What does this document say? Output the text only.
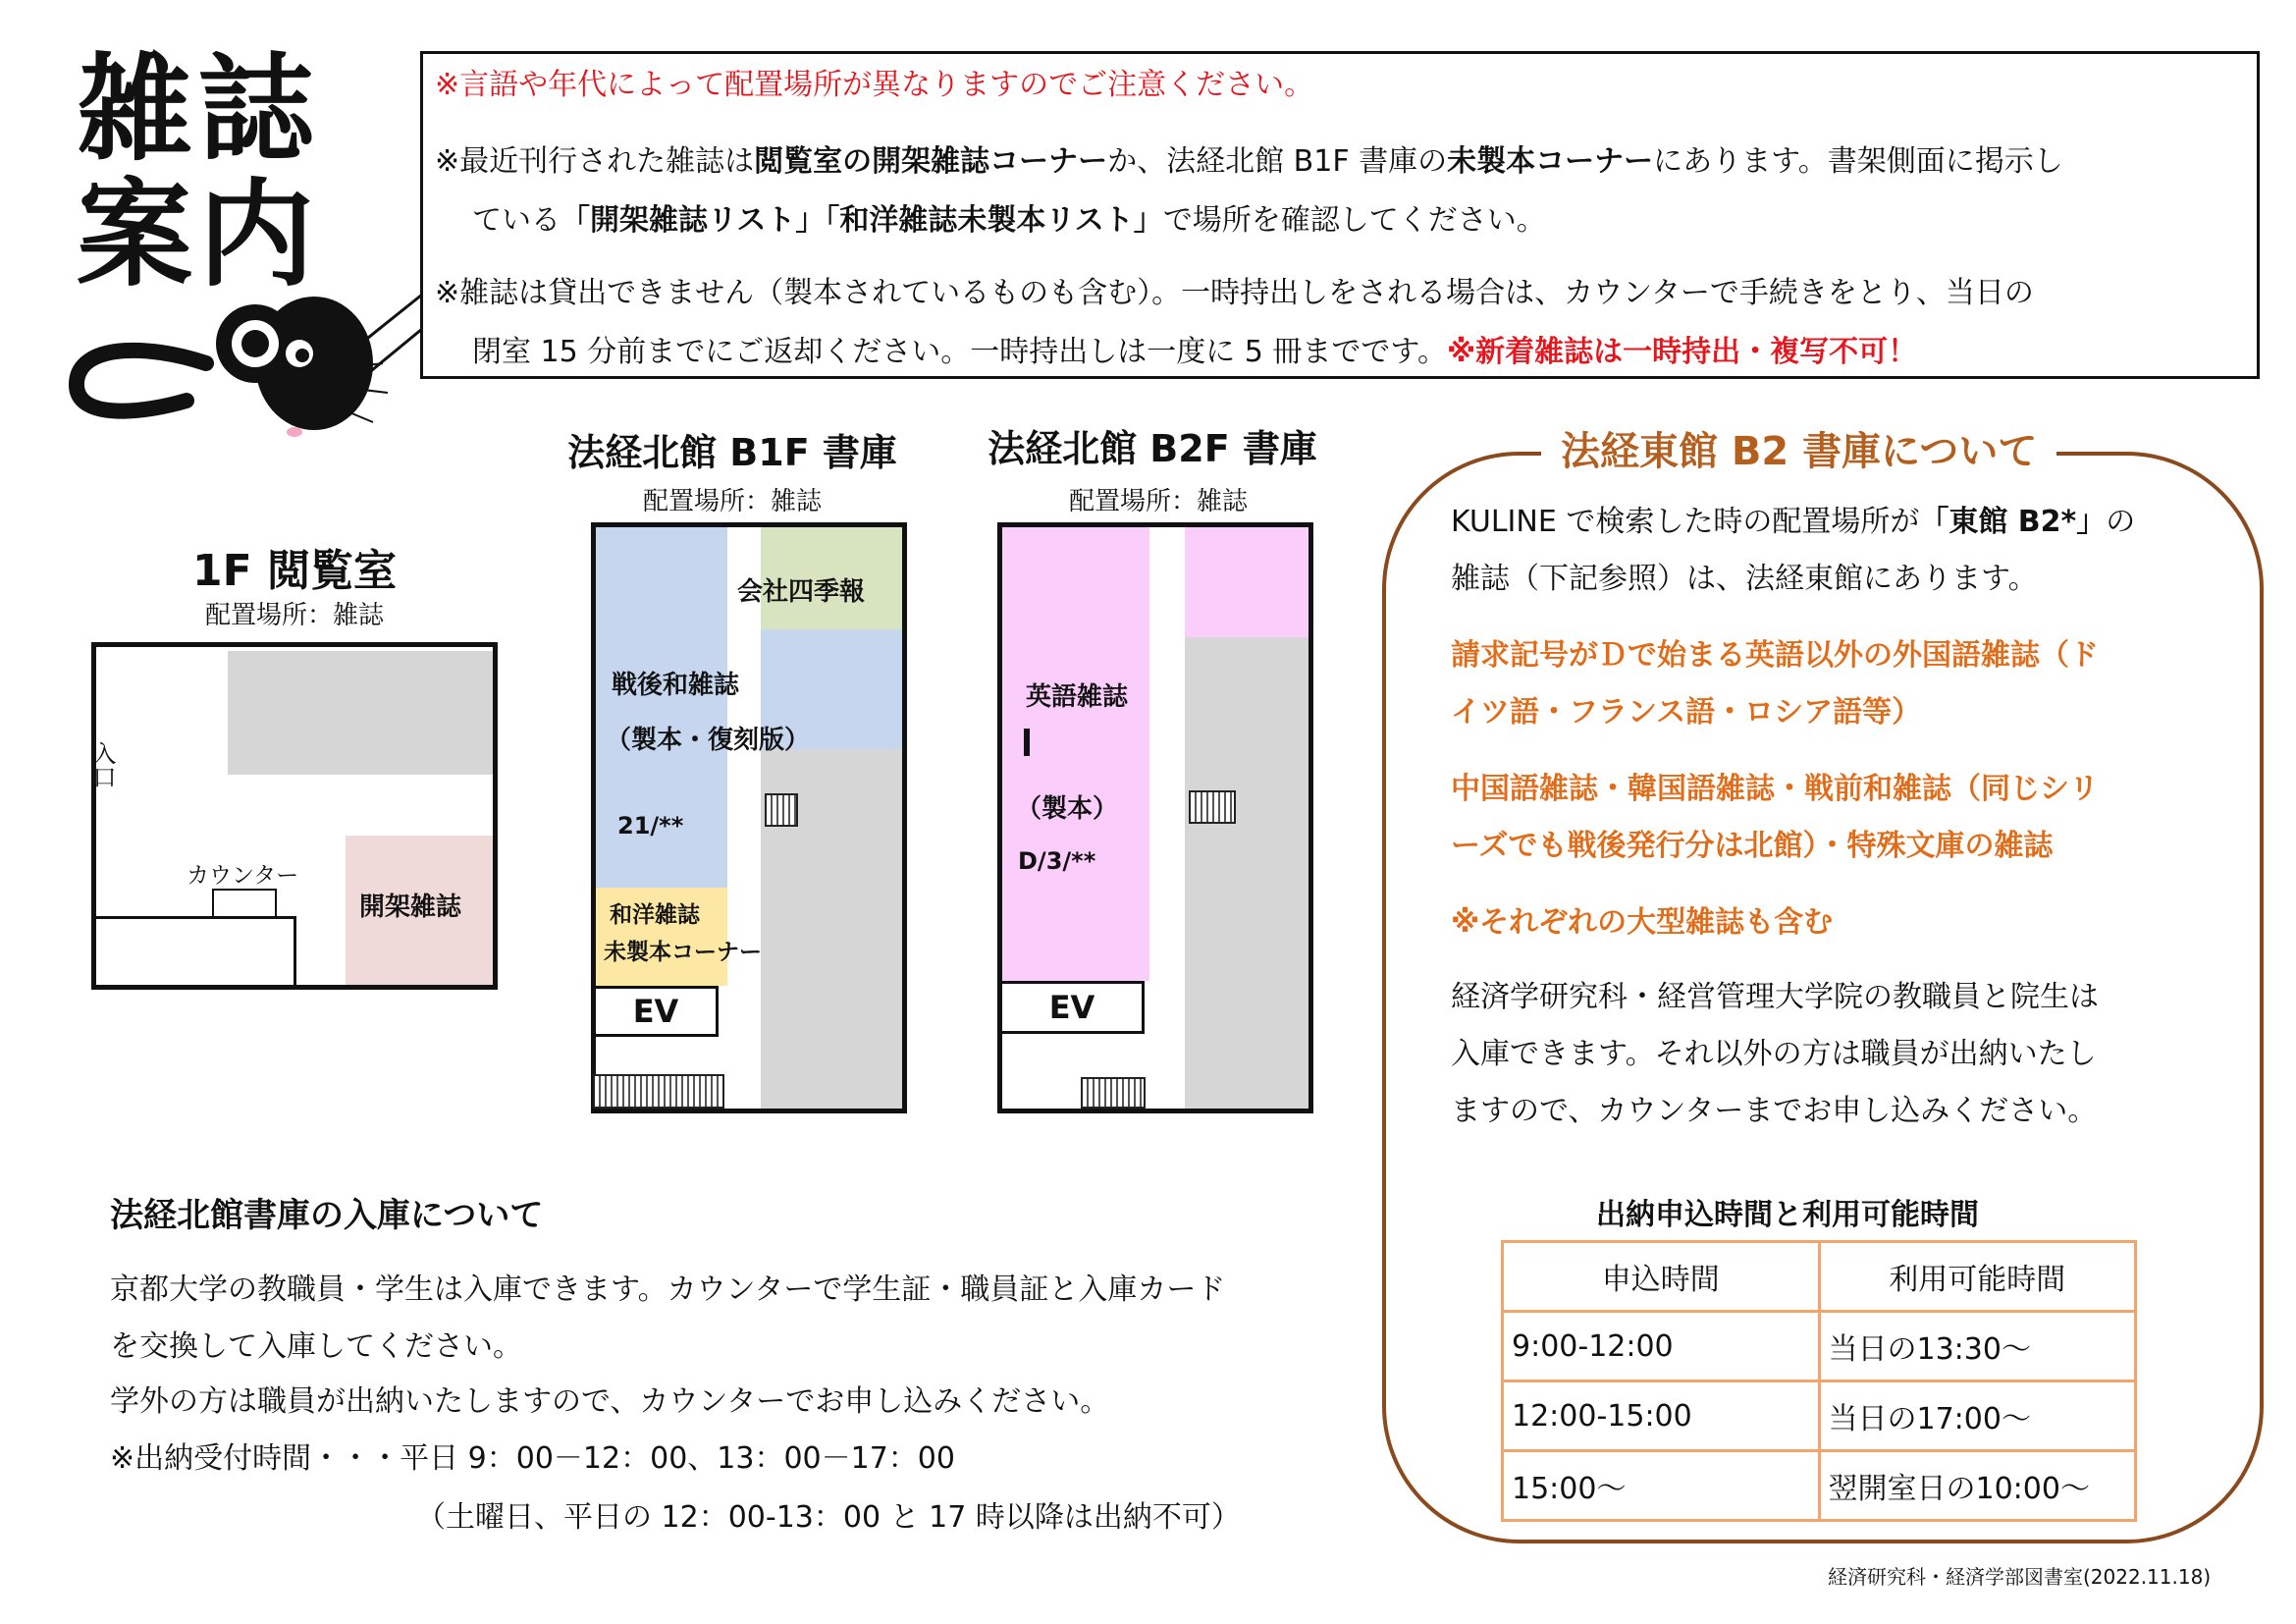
雑誌
案内
※言語や年代によって配置場所が異なりますのでご注意ください。
※最近刊行された雑誌は閲覧室の開架雑誌コーナーか、法経北館 B1F 書庫の未製本コーナーにあります。書架側面に掲示し
ている「開架雑誌リスト」「和洋雑誌未製本リスト」で場所を確認してください。
※雑誌は貸出できません（製本されているものも含む）。一時持出しをされる場合は、カウンターで手続きをとり、当日の
閉室 15 分前までにご返却ください。一時持出しは一度に 5 冊までです。※新着雑誌は一時持出・複写不可！
1F 閲覧室
配置場所：雑誌
開架雑誌
入口
カウンター
法経北館 B1F 書庫
配置場所：雑誌
会社四季報
戦後和雑誌
（製本・復刻版）
21/**
和洋雑誌
未製本コーナー
EV
法経北館 B2F 書庫
配置場所：雑誌
英語雑誌
（製本）
D/3/**
EV
法経東館 B2 書庫について
KULINE で検索した時の配置場所が「東館 B2*」の
雑誌（下記参照）は、法経東館にあります。
請求記号がＤで始まる英語以外の外国語雑誌（ド
イツ語・フランス語・ロシア語等）
中国語雑誌・韓国語雑誌・戦前和雑誌（同じシリ
ーズでも戦後発行分は北館）・特殊文庫の雑誌
※それぞれの大型雑誌も含む
経済学研究科・経営管理大学院の教職員と院生は
入庫できます。それ以外の方は職員が出納いたし
ますので、カウンターまでお申し込みください。
出納申込時間と利用可能時間
申込時間	利用可能時間
9:00-12:00	当日の13:30～
12:00-15:00	当日の17:00～
15:00～	翌開室日の10:00～
法経北館書庫の入庫について
京都大学の教職員・学生は入庫できます。カウンターで学生証・職員証と入庫カード
を交換して入庫してください。
学外の方は職員が出納いたしますので、カウンターでお申し込みください。
※出納受付時間・・・平日 9：00－12：00、13：00－17：00
（土曜日、平日の 12：00-13：00 と 17 時以降は出納不可）
経済研究科・経済学部図書室(2022.11.18)
